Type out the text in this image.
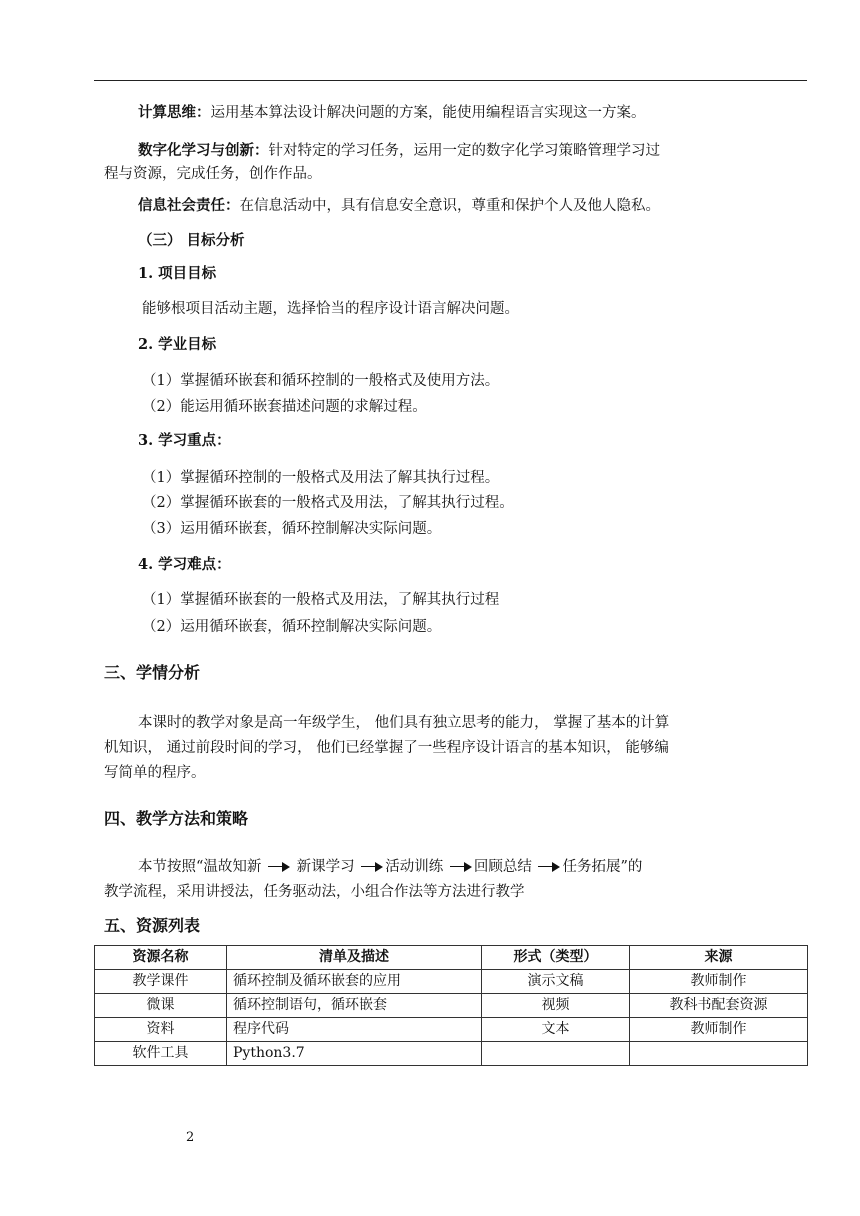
计算思维：运用基本算法设计解决问题的方案，能使用编程语言实现这一方案。
数字化学习与创新：针对特定的学习任务，运用一定的数字化学习策略管理学习过
程与资源，完成任务，创作作品。
信息社会责任：在信息活动中，具有信息安全意识，尊重和保护个人及他人隐私。
（三） 目标分析
1. 项目目标
能够根项目活动主题，选择恰当的程序设计语言解决问题。
2. 学业目标
（1）掌握循环嵌套和循环控制的一般格式及使用方法。
（2）能运用循环嵌套描述问题的求解过程。
3. 学习重点：
（1）掌握循环控制的一般格式及用法了解其执行过程。
（2）掌握循环嵌套的一般格式及用法，了解其执行过程。
（3）运用循环嵌套，循环控制解决实际问题。
4. 学习难点：
（1）掌握循环嵌套的一般格式及用法，了解其执行过程
（2）运用循环嵌套，循环控制解决实际问题。
三、学情分析
本课时的教学对象是高一年级学生， 他们具有独立思考的能力， 掌握了基本的计算
机知识， 通过前段时间的学习， 他们已经掌握了一些程序设计语言的基本知识， 能够编
写简单的程序。
四、教学方法和策略
本节按照“温故知新 新课学习 活动训练 回顾总结 任务拓展”的
教学流程，采用讲授法，任务驱动法，小组合作法等方法进行教学
五、资源列表
资源名称	清单及描述	形式（类型）	来源
教学课件	循环控制及循环嵌套的应用	演示文稿	教师制作
微课	循环控制语句，循环嵌套	视频	教科书配套资源
资料	程序代码	文本	教师制作
软件工具	Python3.7		
2
